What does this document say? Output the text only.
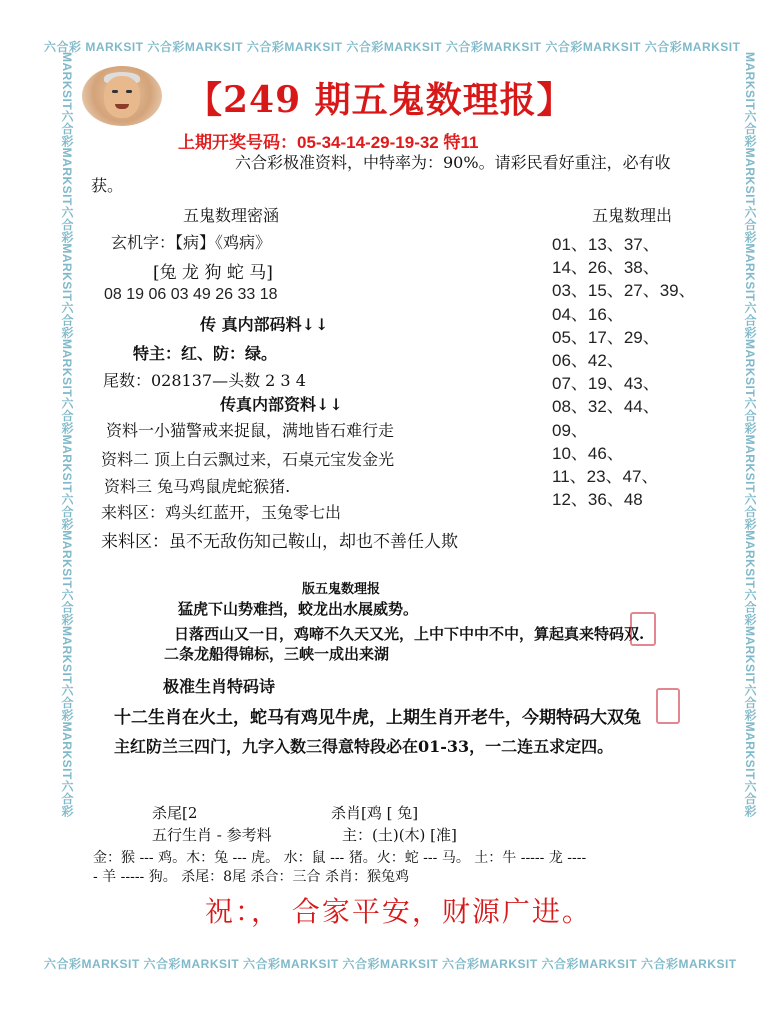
六合彩 MARKSIT 六合彩MARKSIT 六合彩MARKSIT 六合彩MARKSIT 六合彩MARKSIT 六合彩MARKSIT 六合彩MARKSIT
六合彩MARKSIT 六合彩MARKSIT 六合彩MARKSIT 六合彩MARKSIT 六合彩MARKSIT 六合彩MARKSIT 六合彩MARKSIT
MARKSIT六合彩MARKSIT六合彩MARKSIT六合彩MARKSIT六合彩MARKSIT六合彩MARKSIT六合彩MARKSIT六合彩MARKSIT六合彩	MARKSIT六合彩MARKSIT六合彩MARKSIT六合彩MARKSIT六合彩MARKSIT六合彩MARKSIT六合彩MARKSIT六合彩MARKSIT六合彩
【249 期五鬼数理报】
上期开奖号码：05-34-14-29-19-32 特11
六合彩极准资料，中特率为：90%。请彩民看好重注，必有收
获。
五鬼数理密涵
玄机字：【病】《鸡病》
[兔 龙 狗 蛇 马]
08 19 06 03 49 26 33 18
传 真内部码料↓↓
特主：红、防：绿。
尾数：028137—头数 2 3 4
传真内部资料↓↓
资料一小猫警戒来捉鼠，满地皆石难行走
资料二 顶上白云飘过来，石桌元宝发金光
资料三 兔马鸡鼠虎蛇猴猪.
来料区：鸡头红蓝开，玉兔零七出
来料区：虽不无敌伤知己鞍山，却也不善任人欺
五鬼数理出
01、13、37、
14、26、38、
03、15、27、39、
04、16、
05、17、29、
06、42、
07、19、43、
08、32、44、
09、
10、46、
11、23、47、
12、36、48
版五鬼数理报
猛虎下山势难挡，蛟龙出水展威势。
日落西山又一日，鸡啼不久天又光，上中下中中不中，算起真来特码双.
二条龙船得锦标，三峡一成出来湖
极准生肖特码诗
十二生肖在火土，蛇马有鸡见牛虎，上期生肖开老牛，今期特码大双兔
主红防兰三四门，九字入数三得意特段必在01-33，一二连五求定四。
杀尾[2	杀肖[鸡 [ 兔]
五行生肖 - 参考料	主：(土)(木) [准]
金：猴 --- 鸡。木：兔 --- 虎。 水：鼠 --- 猪。火：蛇 --- 马。 土：牛 ----- 龙 ----
- 羊 ----- 狗。 杀尾：8尾 杀合：三合 杀肖：猴兔鸡
祝：， 合家平安，财源广进。
